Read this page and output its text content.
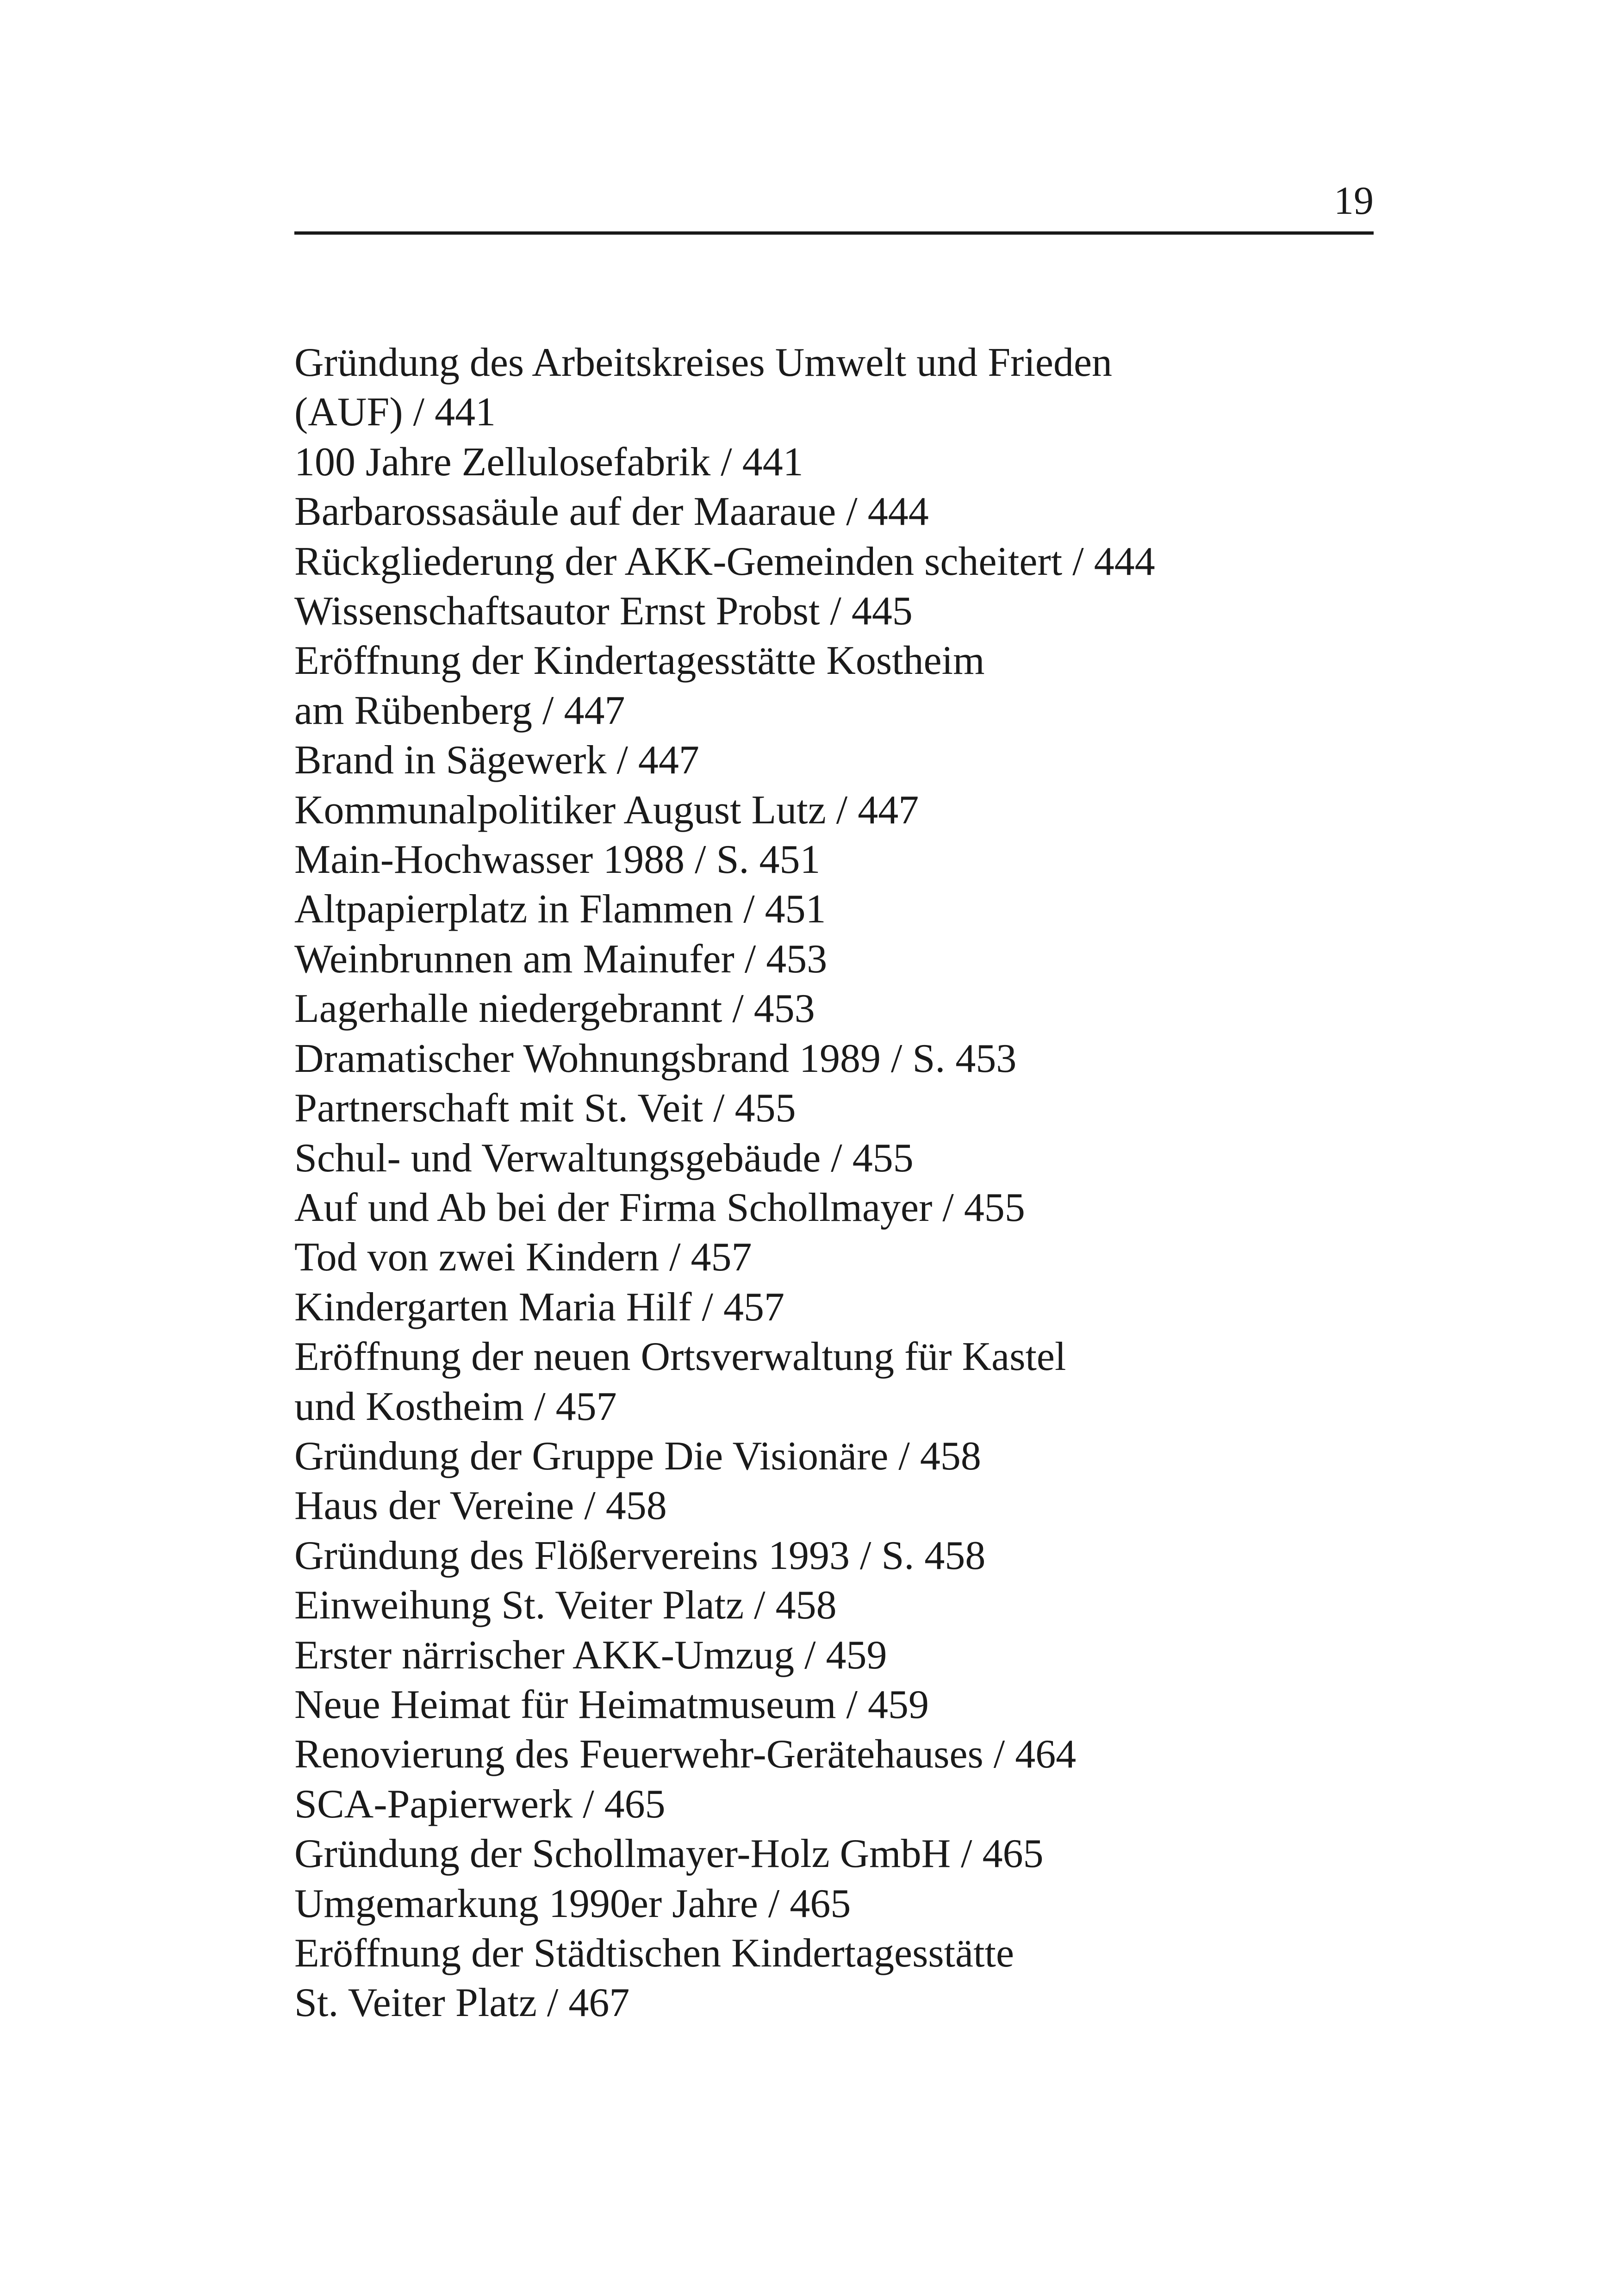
19
Gründung des Arbeitskreises Umwelt und Frieden
(AUF) / 441
100 Jahre Zellulosefabrik / 441
Barbarossasäule auf der Maaraue / 444
Rückgliederung der AKK-Gemeinden scheitert / 444
Wissenschaftsautor Ernst Probst / 445
Eröffnung der Kindertagesstätte Kostheim
am Rübenberg / 447
Brand in Sägewerk / 447
Kommunalpolitiker August Lutz / 447
Main-Hochwasser 1988 / S. 451
Altpapierplatz in Flammen / 451
Weinbrunnen am Mainufer / 453
Lagerhalle niedergebrannt / 453
Dramatischer Wohnungsbrand 1989 / S. 453
Partnerschaft mit St. Veit / 455
Schul- und Verwaltungsgebäude / 455
Auf und Ab bei der Firma Schollmayer / 455
Tod von zwei Kindern / 457
Kindergarten Maria Hilf / 457
Eröffnung der neuen Ortsverwaltung für Kastel
und Kostheim / 457
Gründung der Gruppe Die Visionäre / 458
Haus der Vereine / 458
Gründung des Flößervereins 1993 / S. 458
Einweihung St. Veiter Platz / 458
Erster närrischer AKK-Umzug / 459
Neue Heimat für Heimatmuseum / 459
Renovierung des Feuerwehr-Gerätehauses / 464
SCA-Papierwerk / 465
Gründung der Schollmayer-Holz GmbH / 465
Umgemarkung 1990er Jahre / 465
Eröffnung der Städtischen Kindertagesstätte
St. Veiter Platz / 467
